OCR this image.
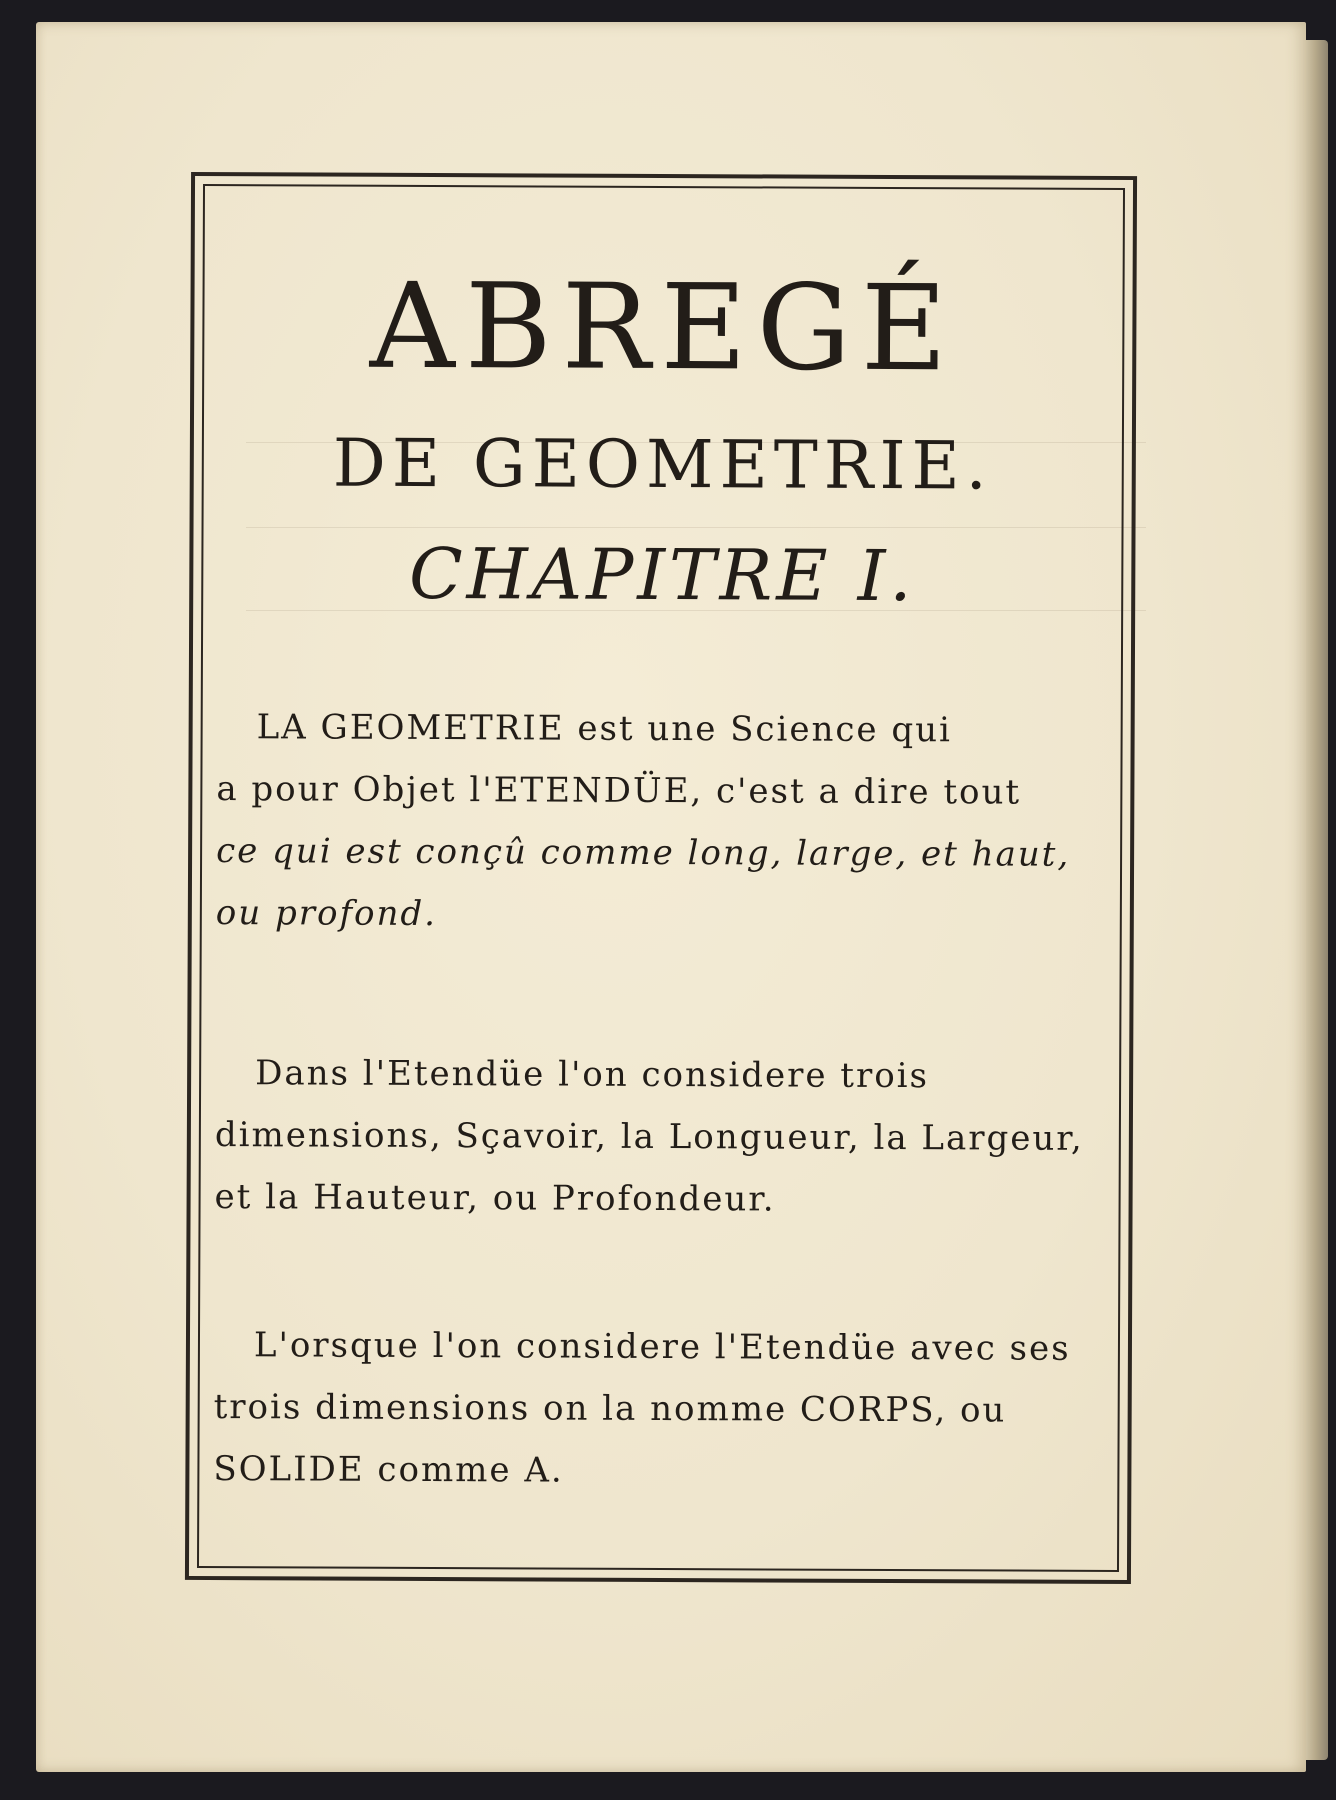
ABREGÉ
DE GEOMETRIE.
CHAPITRE I.

LA GEOMETRIE est une Science qui
a pour Objet l'ETENDÜE, c'est a dire tout
ce qui est conçû comme long, large, et haut,
ou profond.

Dans l'Etendüe l'on considere trois
dimensions, Sçavoir, la Longueur, la Largeur,
et la Hauteur, ou Profondeur.

L'orsque l'on considere l'Etendüe avec ses
trois dimensions on la nomme CORPS, ou
SOLIDE comme A.
